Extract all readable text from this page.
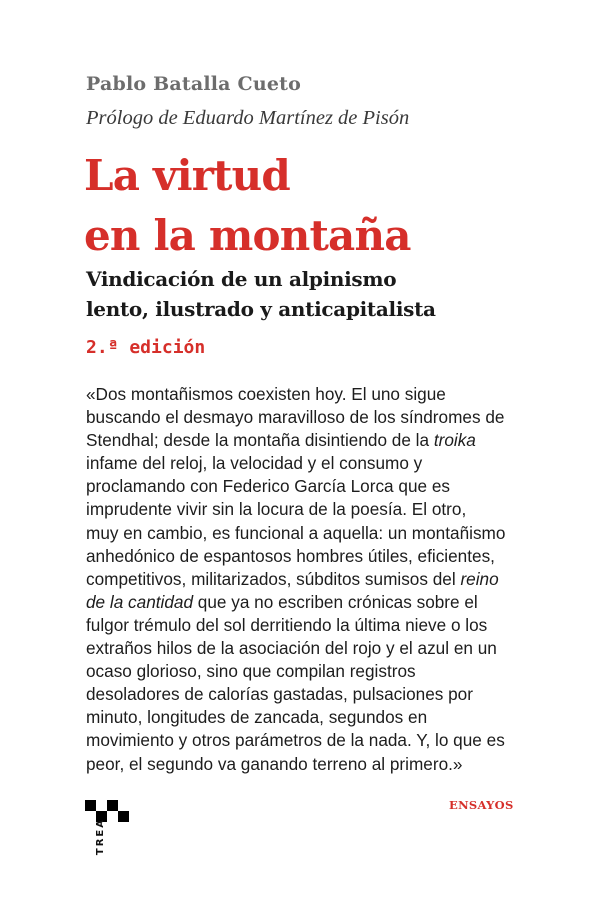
Pablo Batalla Cueto
Prólogo de Eduardo Martínez de Pisón
La virtud
en la montaña
Vindicación de un alpinismo
lento, ilustrado y anticapitalista
2.ª edición
«Dos montañismos coexisten hoy. El uno sigue
buscando el desmayo maravilloso de los síndromes de
Stendhal; desde la montaña disintiendo de la troika
infame del reloj, la velocidad y el consumo y
proclamando con Federico García Lorca que es
imprudente vivir sin la locura de la poesía. El otro,
muy en cambio, es funcional a aquella: un montañismo
anhedónico de espantosos hombres útiles, eficientes,
competitivos, militarizados, súbditos sumisos del reino
de la cantidad que ya no escriben crónicas sobre el
fulgor trémulo del sol derritiendo la última nieve o los
extraños hilos de la asociación del rojo y el azul en un
ocaso glorioso, sino que compilan registros
desoladores de calorías gastadas, pulsaciones por
minuto, longitudes de zancada, segundos en
movimiento y otros parámetros de la nada. Y, lo que es
peor, el segundo va ganando terreno al primero.»
TREA
ENSAYOS
